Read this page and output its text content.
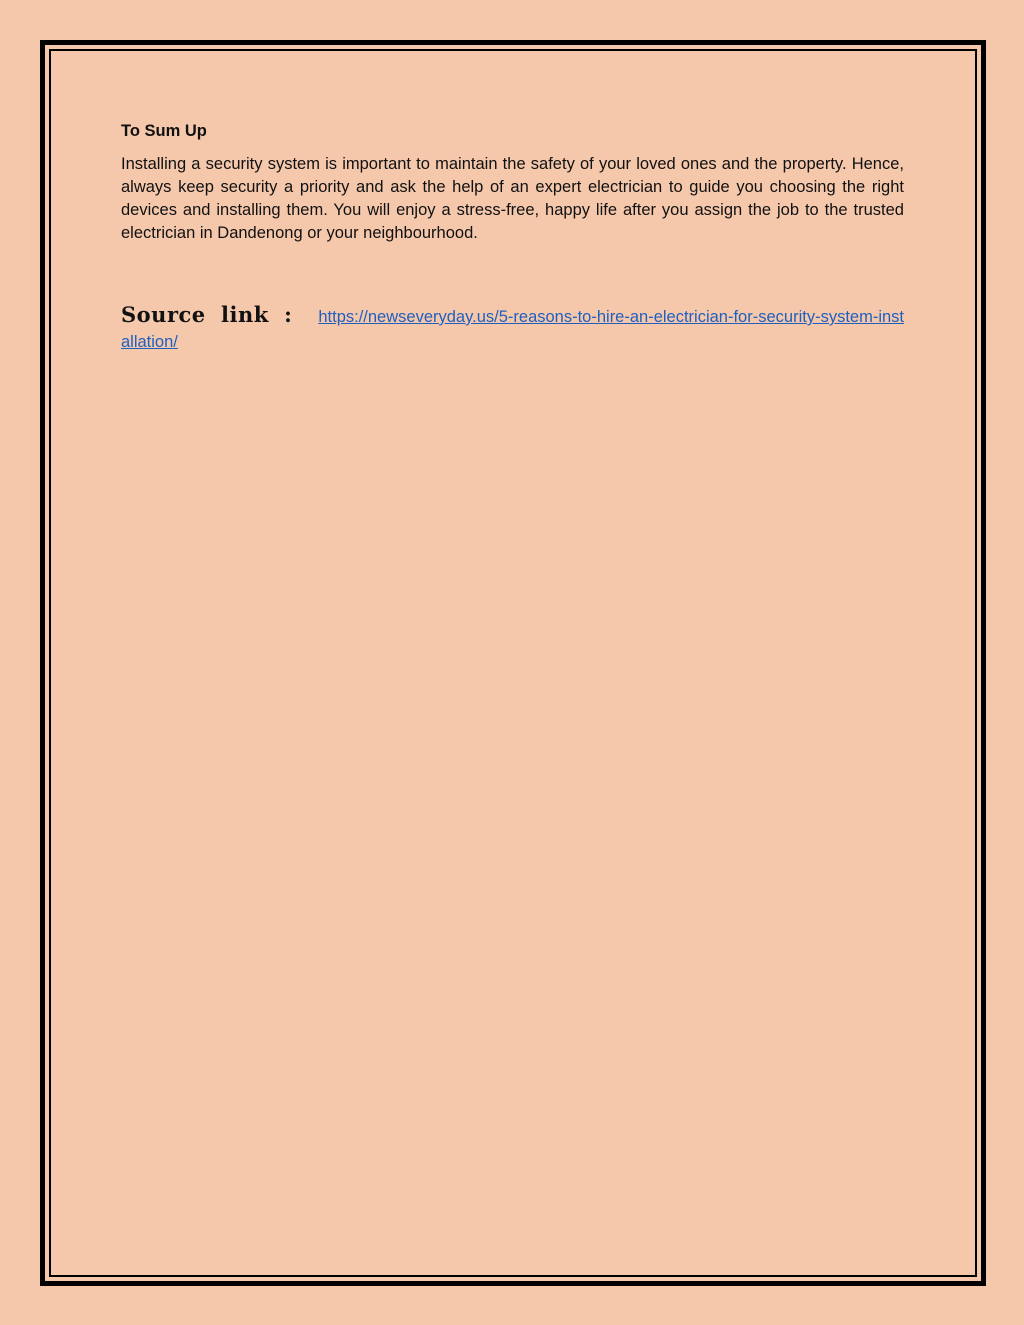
To Sum Up

Installing a security system is important to maintain the safety of your loved ones and the property. Hence, always keep security a priority and ask the help of an expert electrician to guide you choosing the right devices and installing them. You will enjoy a stress-free, happy life after you assign the job to the trusted electrician in Dandenong or your neighbourhood.

Source link : https://newseveryday.us/5-reasons-to-hire-an-electrician-for-security-system-installation/
